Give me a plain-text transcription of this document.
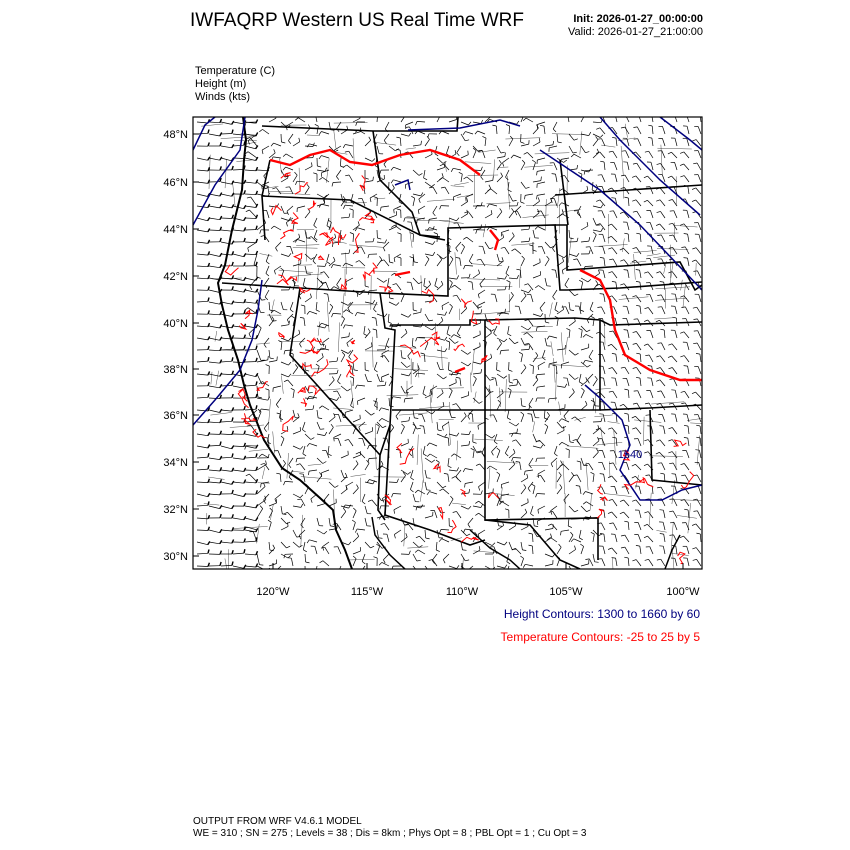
IWFAQRP Western US Real Time WRF	Init: 2026-01-27_00:00:00
Valid: 2026-01-27_21:00:00
Temperature (C)
Height (m)
Winds (kts)
48°N
46°N
44°N
42°N
40°N
38°N
36°N
34°N
32°N
30°N
120°W	115°W	110°W	105°W	100°W
1540
Height Contours: 1300 to 1660 by 60
Temperature Contours: -25 to 25 by 5
OUTPUT FROM WRF V4.6.1 MODEL
WE = 310 ; SN = 275 ; Levels = 38 ; Dis = 8km ; Phys Opt = 8 ; PBL Opt = 1 ; Cu Opt = 3
